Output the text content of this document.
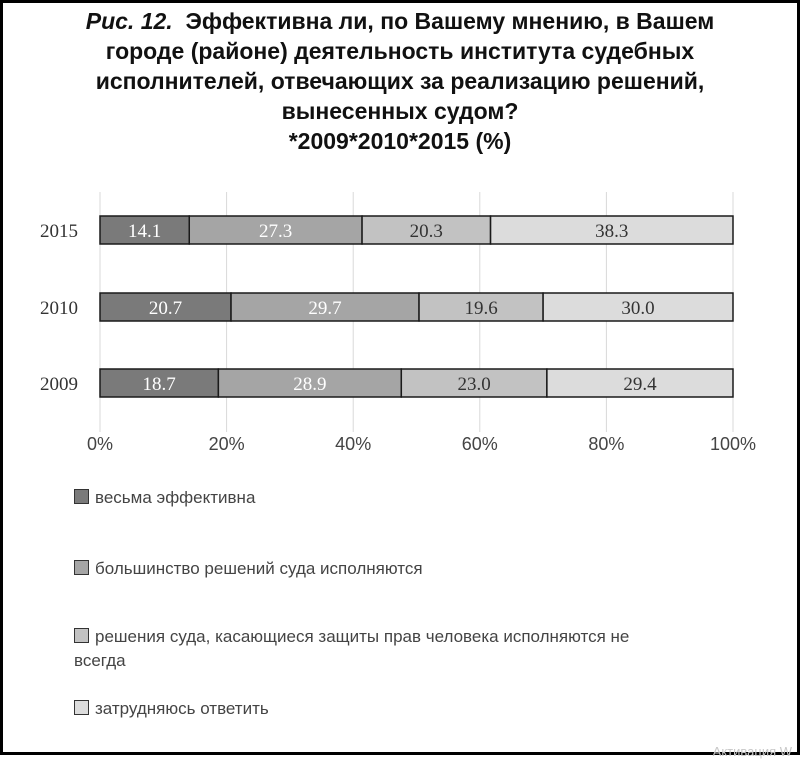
Рис. 12. Эффективна ли, по Вашему мнению, в Вашем
городе (районе) деятельность института судебных
исполнителей, отвечающих за реализацию решений,
вынесенных судом?
*2009*2010*2015 (%)
0%	20%	40%	60%	80%	100%
2015	14.1	27.3	20.3	38.3
2010	20.7	29.7	19.6	30.0
2009	18.7	28.9	23.0	29.4
весьма эффективна
большинство решений суда исполняются
решения суда, касающиеся защиты прав человека исполняются не
всегда
затрудняюсь ответить
Активация W
